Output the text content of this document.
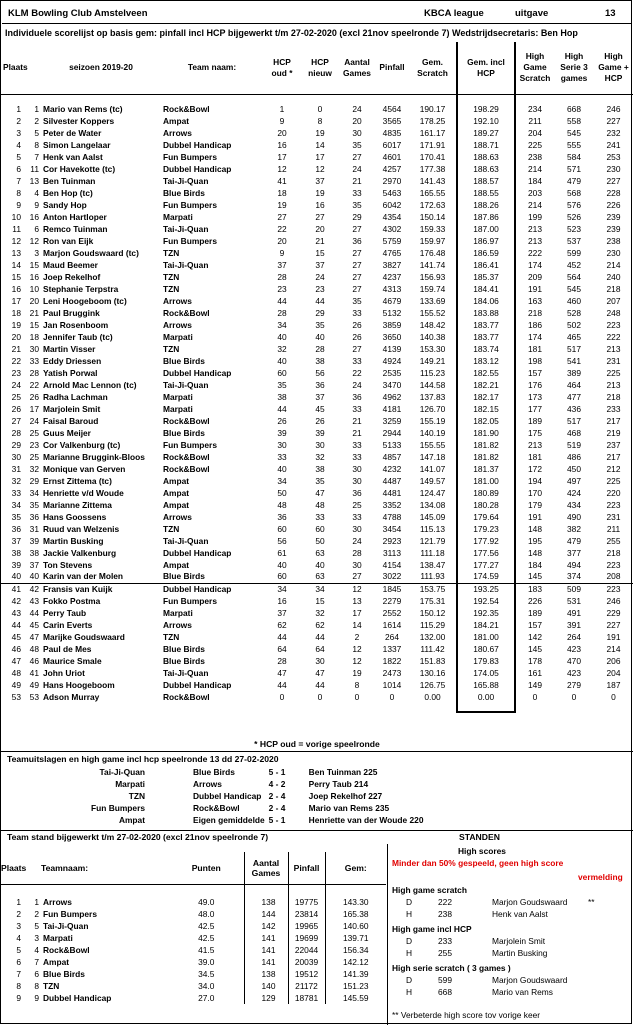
KLM Bowling Club Amstelveen	KBCA league	uitgave	13
Individuele scorelijst op basis gem: pinfall incl HCP bijgewerkt t/m 27-02-2020 (excl 21nov speelronde 7) Wedstrijdsecretaris: Ben Hop
Plaats		seizoen 2019-20	Team naam:	HCP oud *	HCP nieuw	Aantal Games	Pinfall	Gem. Scratch	Gem. incl HCP	High Game Scratch	High Serie 3 games	High Game + HCP

1	1	Mario van Rems (tc)	Rock&Bowl	1	0	24	4564	190.17	198.29	234	668	246
2	2	Silvester Koppers	Ampat	9	8	20	3565	178.25	192.10	211	558	227
3	5	Peter de Water	Arrows	20	19	30	4835	161.17	189.27	204	545	232
4	8	Simon Langelaar	Dubbel Handicap	16	14	35	6017	171.91	188.71	225	555	241
5	7	Henk van Aalst	Fun Bumpers	17	17	27	4601	170.41	188.63	238	584	253
6	11	Cor Havekotte (tc)	Dubbel Handicap	12	12	24	4257	177.38	188.63	214	571	230
7	13	Ben Tuinman	Tai-Ji-Quan	41	37	21	2970	141.43	188.57	184	479	227
8	4	Ben Hop (tc)	Blue Birds	18	19	33	5463	165.55	188.55	203	568	228
9	9	Sandy Hop	Fun Bumpers	19	16	35	6042	172.63	188.26	214	576	226
10	16	Anton Hartloper	Marpati	27	27	29	4354	150.14	187.86	199	526	239
11	6	Remco Tuinman	Tai-Ji-Quan	22	20	27	4302	159.33	187.00	213	523	239
12	12	Ron van Eijk	Fun Bumpers	20	21	36	5759	159.97	186.97	213	537	238
13	3	Marjon Goudswaard (tc)	TZN	9	15	27	4765	176.48	186.59	222	599	230
14	15	Maud Beemer	Tai-Ji-Quan	37	37	27	3827	141.74	186.41	174	452	214
15	16	Joep Rekelhof	TZN	28	24	27	4237	156.93	185.37	209	564	240
16	10	Stephanie Terpstra	TZN	23	23	27	4313	159.74	184.41	191	545	218
17	20	Leni Hoogeboom (tc)	Arrows	44	44	35	4679	133.69	184.06	163	460	207
18	21	Paul Bruggink	Rock&Bowl	28	29	33	5132	155.52	183.88	218	528	248
19	15	Jan Rosenboom	Arrows	34	35	26	3859	148.42	183.77	186	502	223
20	18	Jennifer Taub (tc)	Marpati	40	40	26	3650	140.38	183.77	174	465	222
21	30	Martin Visser	TZN	32	28	27	4139	153.30	183.74	181	517	213
22	33	Eddy Driessen	Blue Birds	40	38	33	4924	149.21	183.12	198	541	231
23	28	Yatish Porwal	Dubbel Handicap	60	56	22	2535	115.23	182.55	157	389	225
24	22	Arnold Mac Lennon (tc)	Tai-Ji-Quan	35	36	24	3470	144.58	182.21	176	464	213
25	26	Radha Lachman	Marpati	38	37	36	4962	137.83	182.17	173	477	218
26	17	Marjolein Smit	Marpati	44	45	33	4181	126.70	182.15	177	436	233
27	24	Faisal Baroud	Rock&Bowl	26	26	21	3259	155.19	182.05	189	517	217
28	25	Guus Meijer	Blue Birds	39	39	21	2944	140.19	181.90	175	468	219
29	23	Cor Valkenburg (tc)	Fun Bumpers	30	30	33	5133	155.55	181.82	213	519	237
30	25	Marianne Bruggink-Bloos	Rock&Bowl	33	32	33	4857	147.18	181.82	181	486	217
31	32	Monique van Gerven	Rock&Bowl	40	38	30	4232	141.07	181.37	172	450	212
32	29	Ernst Zittema (tc)	Ampat	34	35	30	4487	149.57	181.00	194	497	225
33	34	Henriette v/d Woude	Ampat	50	47	36	4481	124.47	180.89	170	424	220
34	35	Marianne Zittema	Ampat	48	48	25	3352	134.08	180.28	179	434	223
35	36	Hans Goossens	Arrows	36	33	33	4788	145.09	179.64	191	490	231
36	31	Ruud van Welzenis	TZN	60	60	30	3454	115.13	179.23	148	382	211
37	39	Martin Busking	Tai-Ji-Quan	56	50	24	2923	121.79	177.92	195	479	255
38	38	Jackie Valkenburg	Dubbel Handicap	61	63	28	3113	111.18	177.56	148	377	218
39	37	Ton Stevens	Ampat	40	40	30	4154	138.47	177.27	184	494	223
40	40	Karin van der Molen	Blue Birds	60	63	27	3022	111.93	174.59	145	374	208
41	42	Fransis van Kuijk	Dubbel Handicap	34	34	12	1845	153.75	193.25	183	509	223
42	43	Fokko Postma	Fun Bumpers	16	15	13	2279	175.31	192.54	226	531	246
43	44	Perry Taub	Marpati	37	32	17	2552	150.12	192.35	189	491	229
44	45	Carin Everts	Arrows	62	62	14	1614	115.29	184.21	157	391	227
45	47	Marijke Goudswaard	TZN	44	44	2	264	132.00	181.00	142	264	191
46	48	Paul de Mes	Blue Birds	64	64	12	1337	111.42	180.67	145	423	214
47	46	Maurice Smale	Blue Birds	28	30	12	1822	151.83	179.83	178	470	206
48	41	John Uriot	Tai-Ji-Quan	47	47	19	2473	130.16	174.05	161	423	204
49	49	Hans Hoogeboom	Dubbel Handicap	44	44	8	1014	126.75	165.88	149	279	187
53	53	Adson Murray	Rock&Bowl	0	0	0	0	0.00	0.00	0	0	0

* HCP oud = vorige speelronde
Teamuitslagen en high game incl hcp speelronde 13 dd 27-02-2020
Tai-Ji-Quan	Blue Birds	5 - 1	Ben Tuinman 225
Marpati	Arrows	4 - 2	Perry Taub 214
TZN	Dubbel Handicap	2 - 4	Joep Rekelhof 227
Fun Bumpers	Rock&Bowl	2 - 4	Mario van Rems 235
Ampat	Eigen gemiddelde	5 - 1	Henriette van der Woude 220
Team stand bijgewerkt t/m 27-02-2020 (excl 21nov speelronde 7)	STANDEN
Plaats		Teamnaam:	Punten	Aantal Games	Pinfall	Gem:

1	1	Arrows	49.0	138	19775	143.30
2	2	Fun Bumpers	48.0	144	23814	165.38
3	5	Tai-Ji-Quan	42.5	142	19965	140.60
4	3	Marpati	42.5	141	19699	139.71
5	4	Rock&Bowl	41.5	141	22044	156.34
6	7	Ampat	39.0	141	20039	142.12
7	6	Blue Birds	34.5	138	19512	141.39
8	8	TZN	34.0	140	21172	151.23
9	9	Dubbel Handicap	27.0	129	18781	145.59
High scores
Minder dan 50% gespeeld, geen high score
vermelding
High game scratch
D	222	Marjon Goudswaard **
H	238	Henk van Aalst
High game incl HCP
D	233	Marjolein Smit
H	255	Martin Busking
High serie scratch ( 3 games )
D	599	Marjon Goudswaard
H	668	Mario van Rems
** Verbeterde high score tov vorige keer
